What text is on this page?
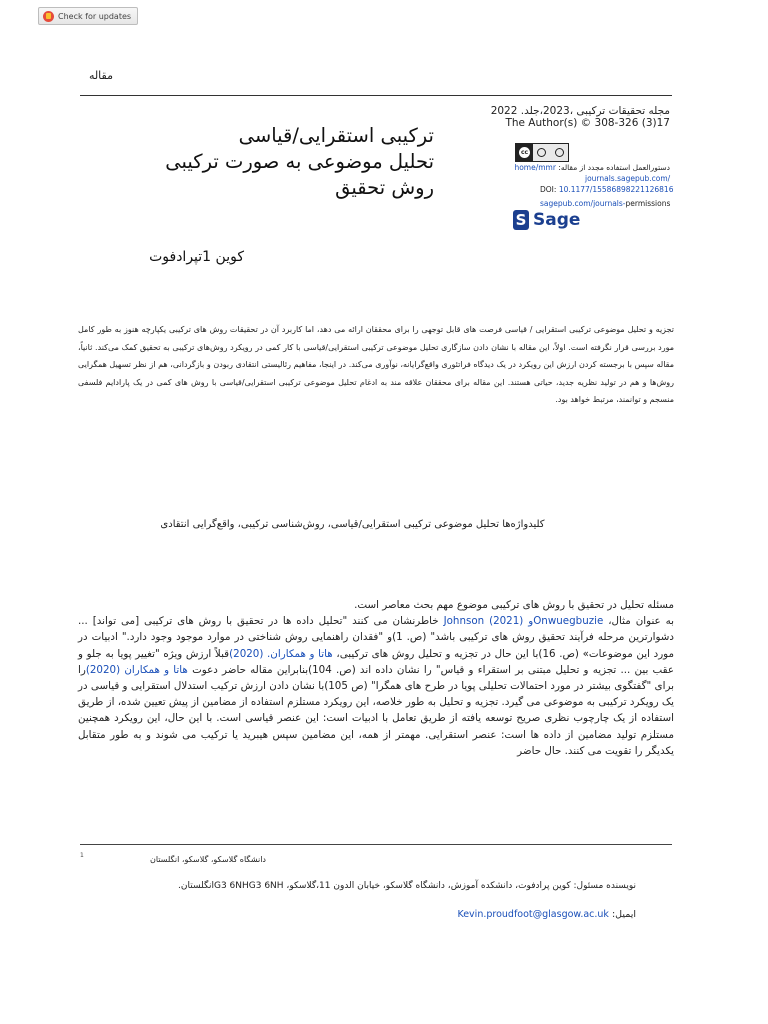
Check for updates
مقاله
مجله تحقیقات ترکیبی ،2023،جلد. 2022
17(3) 308-326 © The Author(s)
cc
دستورالعمل استفاده مجدد از مقاله: home/mmr
journals.sagepub.com/
DOI: 10.1177/15586898221126816
sagepub.com/journals-permissions
S Sage
ترکیبی استقرایی/قیاسی
تحلیل موضوعی به صورت ترکیبی
روش تحقیق
کوین 1تپرادفوت
تجزیه و تحلیل موضوعی ترکیبی استقرایی / قیاسی فرصت های قابل توجهی را برای محققان ارائه می دهد، اما کاربرد آن در تحقیقات روش های ترکیبی یکپارچه هنوز به طور کامل مورد بررسی قرار نگرفته است. اولاً، این مقاله با نشان دادن سازگاری تحلیل موضوعی ترکیبی استقرایی/قیاسی با کار کمی در رویکرد روش‌های ترکیبی به تحقیق کمک می‌کند. ثانیاً، مقاله سپس با برجسته کردن ارزش این رویکرد در یک دیدگاه فراتئوری واقع‌گرایانه، نوآوری می‌کند. در اینجا، مفاهیم رئالیستی انتقادی ربودن و بازگردانی، هم از نظر تسهیل همگرایی روش‌ها و هم در تولید نظریه جدید، حیاتی هستند. این مقاله برای محققان علاقه مند به ادغام تحلیل موضوعی ترکیبی استقرایی/قیاسی با روش های کمی در یک پارادایم فلسفی منسجم و توانمند، مرتبط خواهد بود.
کلیدواژه‌ها تحلیل موضوعی ترکیبی استقرایی/قیاسی، روش‌شناسی ترکیبی، واقع‌گرایی انتقادی
مسئله تحلیل در تحقیق با روش های ترکیبی موضوع مهم بحث معاصر است.
به عنوان مثال، Onwuegbuzieو Johnson (2021) خاطرنشان می کنند "تحلیل داده ها در تحقیق با روش های ترکیبی [می تواند] ... دشوارترین مرحله فرآیند تحقیق روش های ترکیبی باشد" (ص. 1)و "فقدان راهنمایی روش شناختی در موارد موجود وجود دارد." ادبیات در مورد این موضوعات» (ص. 16)با این حال در تجزیه و تحلیل روش های ترکیبی، هاتا و همکاران. (2020)قبلاً ارزش ویژه "تغییر پویا به جلو و عقب بین ... تجزیه و تحلیل مبتنی بر استقراء و قیاس" را نشان داده اند (ص. 104)بنابراین مقاله حاضر دعوت هاتا و همکاران (2020)را برای "گفتگوی بیشتر در مورد احتمالات تحلیلی پویا در طرح های همگرا" (ص 105)با نشان دادن ارزش ترکیب استدلال استقرایی و قیاسی در یک رویکرد ترکیبی به موضوعی می گیرد. تجزیه و تحلیل به طور خلاصه، این رویکرد مستلزم استفاده از مضامین از پیش تعیین شده، از طریق استفاده از یک چارچوب نظری صریح توسعه یافته از طریق تعامل با ادبیات است: این عنصر قیاسی است. با این حال، این رویکرد همچنین مستلزم تولید مضامین از داده ها است: عنصر استقرایی. مهمتر از همه، این مضامین سپس هیبرید یا ترکیب می شوند و به طور متقابل یکدیگر را تقویت می کنند. حال حاضر
1	دانشگاه گلاسکو، گلاسکو، انگلستان
نویسنده مسئول: کوین پرادفوت، دانشکده آموزش، دانشگاه گلاسکو، خیابان الدون 11،گلاسکو، G3 6NHG3 6NHانگلستان.
ایمیل: Kevin.proudfoot@glasgow.ac.uk
